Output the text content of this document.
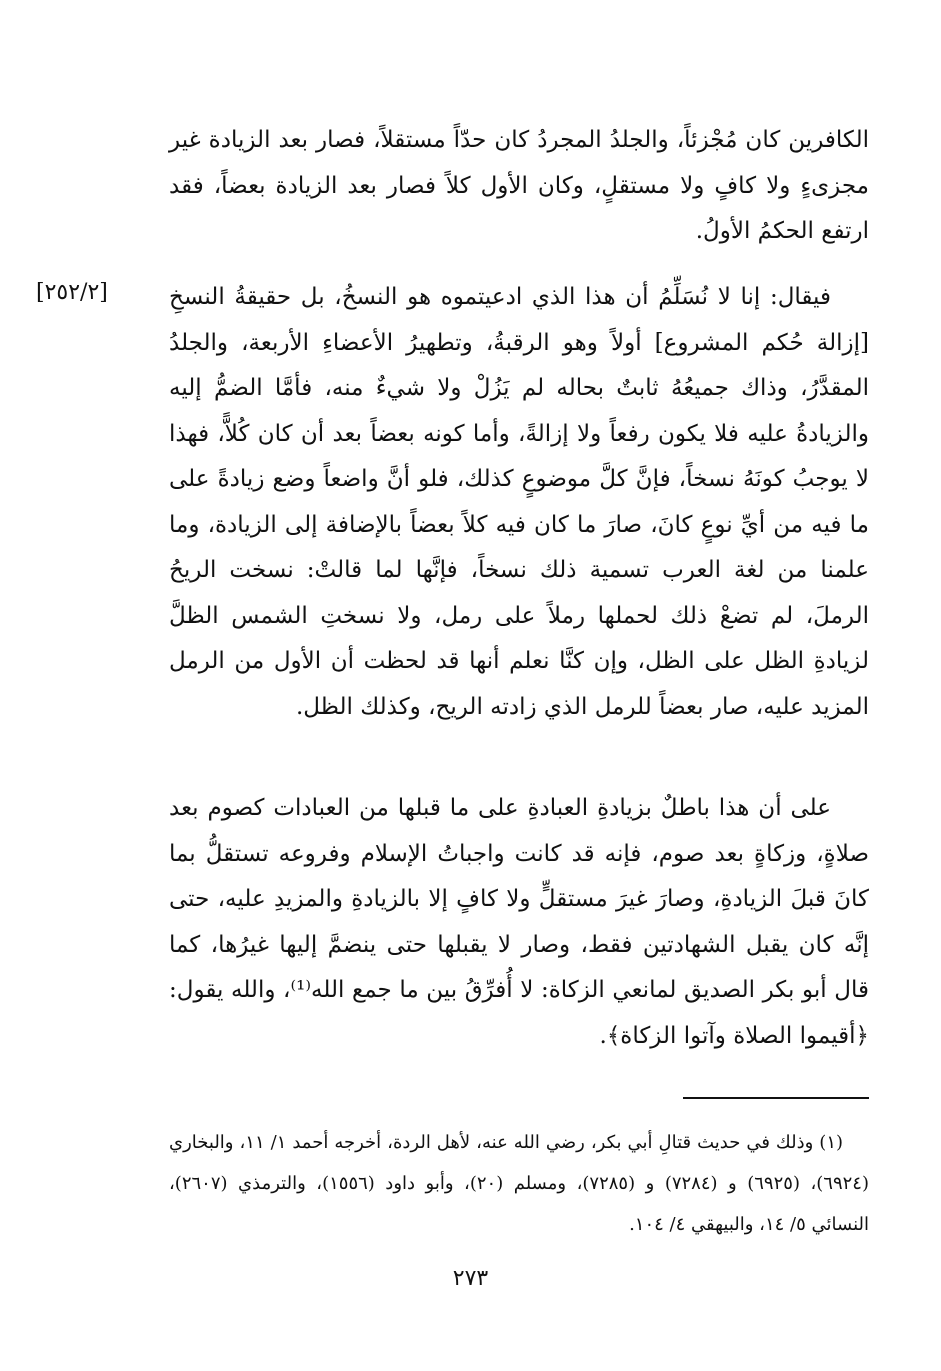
الكافرين كان مُجْزئاً، والجلدُ المجردُ كان حدّاً مستقلاً، فصار بعد الزيادة غير مجزىءٍ ولا كافٍ ولا مستقلٍ، وكان الأول كلاً فصار بعد الزيادة بعضاً، فقد ارتفع الحكمُ الأولُ.

[٢٥٢/٢]	فيقال: إنا لا نُسَلِّمُ أن هذا الذي ادعيتموه هو النسخُ، بل حقيقةُ النسخِ [إزالة حُكم المشروع] أولاً وهو الرقبةُ، وتطهيرُ الأعضاءِ الأربعة، والجلدُ المقدَّرُ، وذاك جميعُهُ ثابتٌ بحاله لم يَزُلْ ولا شيءٌ منه، فأمَّا الضمُّ إليه والزيادةُ عليه فلا يكون رفعاً ولا إزالةً، وأما كونه بعضاً بعد أن كان كُلاًّ، فهذا لا يوجبُ كونَهُ نسخاً، فإنَّ كلَّ موضوعٍ كذلك، فلو أنَّ واضعاً وضع زيادةً على ما فيه من أيِّ نوعٍ كانَ، صارَ ما كان فيه كلاً بعضاً بالإضافة إلى الزيادة، وما علمنا من لغة العرب تسمية ذلك نسخاً، فإنَّها لما قالتْ: نسخت الريحُ الرملَ، لم تضعْ ذلك لحملها رملاً على رمل، ولا نسختِ الشمس الظلَّ لزيادةِ الظل على الظل، وإن كنَّا نعلم أنها قد لحظت أن الأول من الرمل المزيد عليه، صار بعضاً للرمل الذي زادته الريح، وكذلك الظل.

على أن هذا باطلٌ بزيادةِ العبادةِ على ما قبلها من العبادات كصوم بعد صلاةٍ، وزكاةٍ بعد صوم، فإنه قد كانت واجباتُ الإسلام وفروعه تستقلُّ بما كانَ قبلَ الزيادةِ، وصارَ غيرَ مستقلٍّ ولا كافٍ إلا بالزيادةِ والمزيدِ عليه، حتى إنَّه كان يقبل الشهادتين فقط، وصار لا يقبلها حتى ينضمَّ إليها غيرُها، كما قال أبو بكر الصديق لمانعي الزكاة: لا أُفرِّقُ بين ما جمع الله⁽¹⁾، والله يقول: ﴿أقيموا الصلاة وآتوا الزكاة﴾.

(١) وذلك في حديث قتالِ أبي بكر، رضي الله عنه، لأهل الردة، أخرجه أحمد ١/ ١١، والبخاري (٦٩٢٤)، (٦٩٢٥) و (٧٢٨٤) و (٧٢٨٥)، ومسلم (٢٠)، وأبو داود (١٥٥٦)، والترمذي (٢٦٠٧)، النسائي ٥/ ١٤، والبيهقي ٤/ ١٠٤.

٢٧٣
